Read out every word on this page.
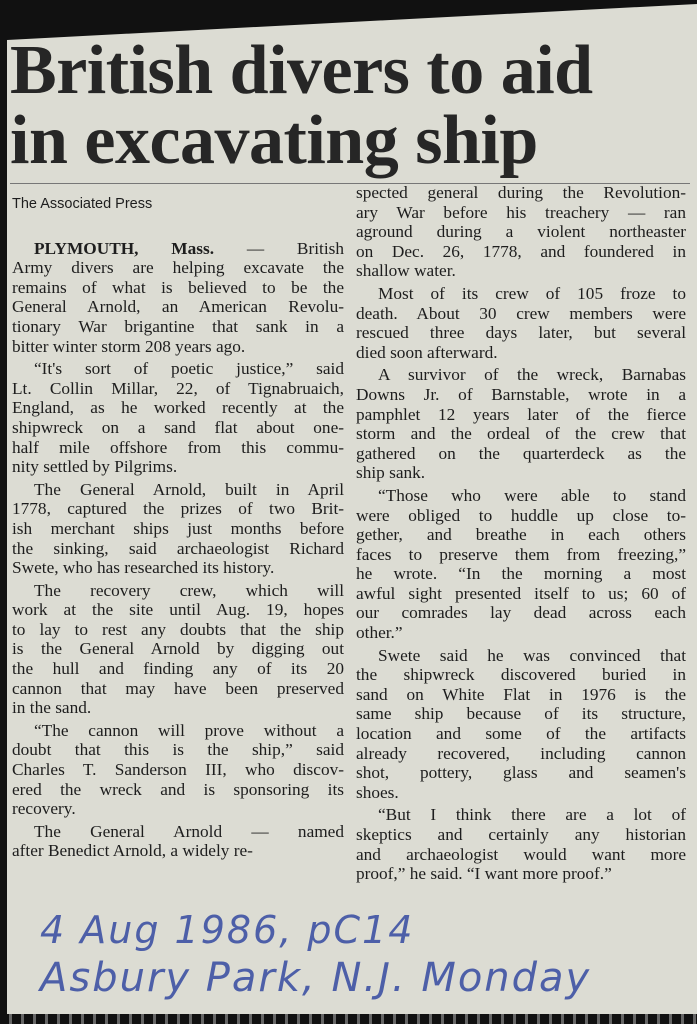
British divers to aid
in excavating ship
The Associated Press
PLYMOUTH, Mass. — British
Army divers are helping excavate the
remains of what is believed to be the
General Arnold, an American Revolu-
tionary War brigantine that sank in a
bitter winter storm 208 years ago.
“It's sort of poetic justice,” said
Lt. Collin Millar, 22, of Tignabruaich,
England, as he worked recently at the
shipwreck on a sand flat about one-
half mile offshore from this commu-
nity settled by Pilgrims.
The General Arnold, built in April
1778, captured the prizes of two Brit-
ish merchant ships just months before
the sinking, said archaeologist Richard
Swete, who has researched its history.
The recovery crew, which will
work at the site until Aug. 19, hopes
to lay to rest any doubts that the ship
is the General Arnold by digging out
the hull and finding any of its 20
cannon that may have been preserved
in the sand.
“The cannon will prove without a
doubt that this is the ship,” said
Charles T. Sanderson III, who discov-
ered the wreck and is sponsoring its
recovery.
The General Arnold — named
after Benedict Arnold, a widely re-
spected general during the Revolution-
ary War before his treachery — ran
aground during a violent northeaster
on Dec. 26, 1778, and foundered in
shallow water.
Most of its crew of 105 froze to
death. About 30 crew members were
rescued three days later, but several
died soon afterward.
A survivor of the wreck, Barnabas
Downs Jr. of Barnstable, wrote in a
pamphlet 12 years later of the fierce
storm and the ordeal of the crew that
gathered on the quarterdeck as the
ship sank.
“Those who were able to stand
were obliged to huddle up close to-
gether, and breathe in each others
faces to preserve them from freezing,”
he wrote. “In the morning a most
awful sight presented itself to us; 60 of
our comrades lay dead across each
other.”
Swete said he was convinced that
the shipwreck discovered buried in
sand on White Flat in 1976 is the
same ship because of its structure,
location and some of the artifacts
already recovered, including cannon
shot, pottery, glass and seamen's
shoes.
“But I think there are a lot of
skeptics and certainly any historian
and archaeologist would want more
proof,” he said. “I want more proof.”
4 Aug 1986, pC14
Asbury Park, N.J. Monday
